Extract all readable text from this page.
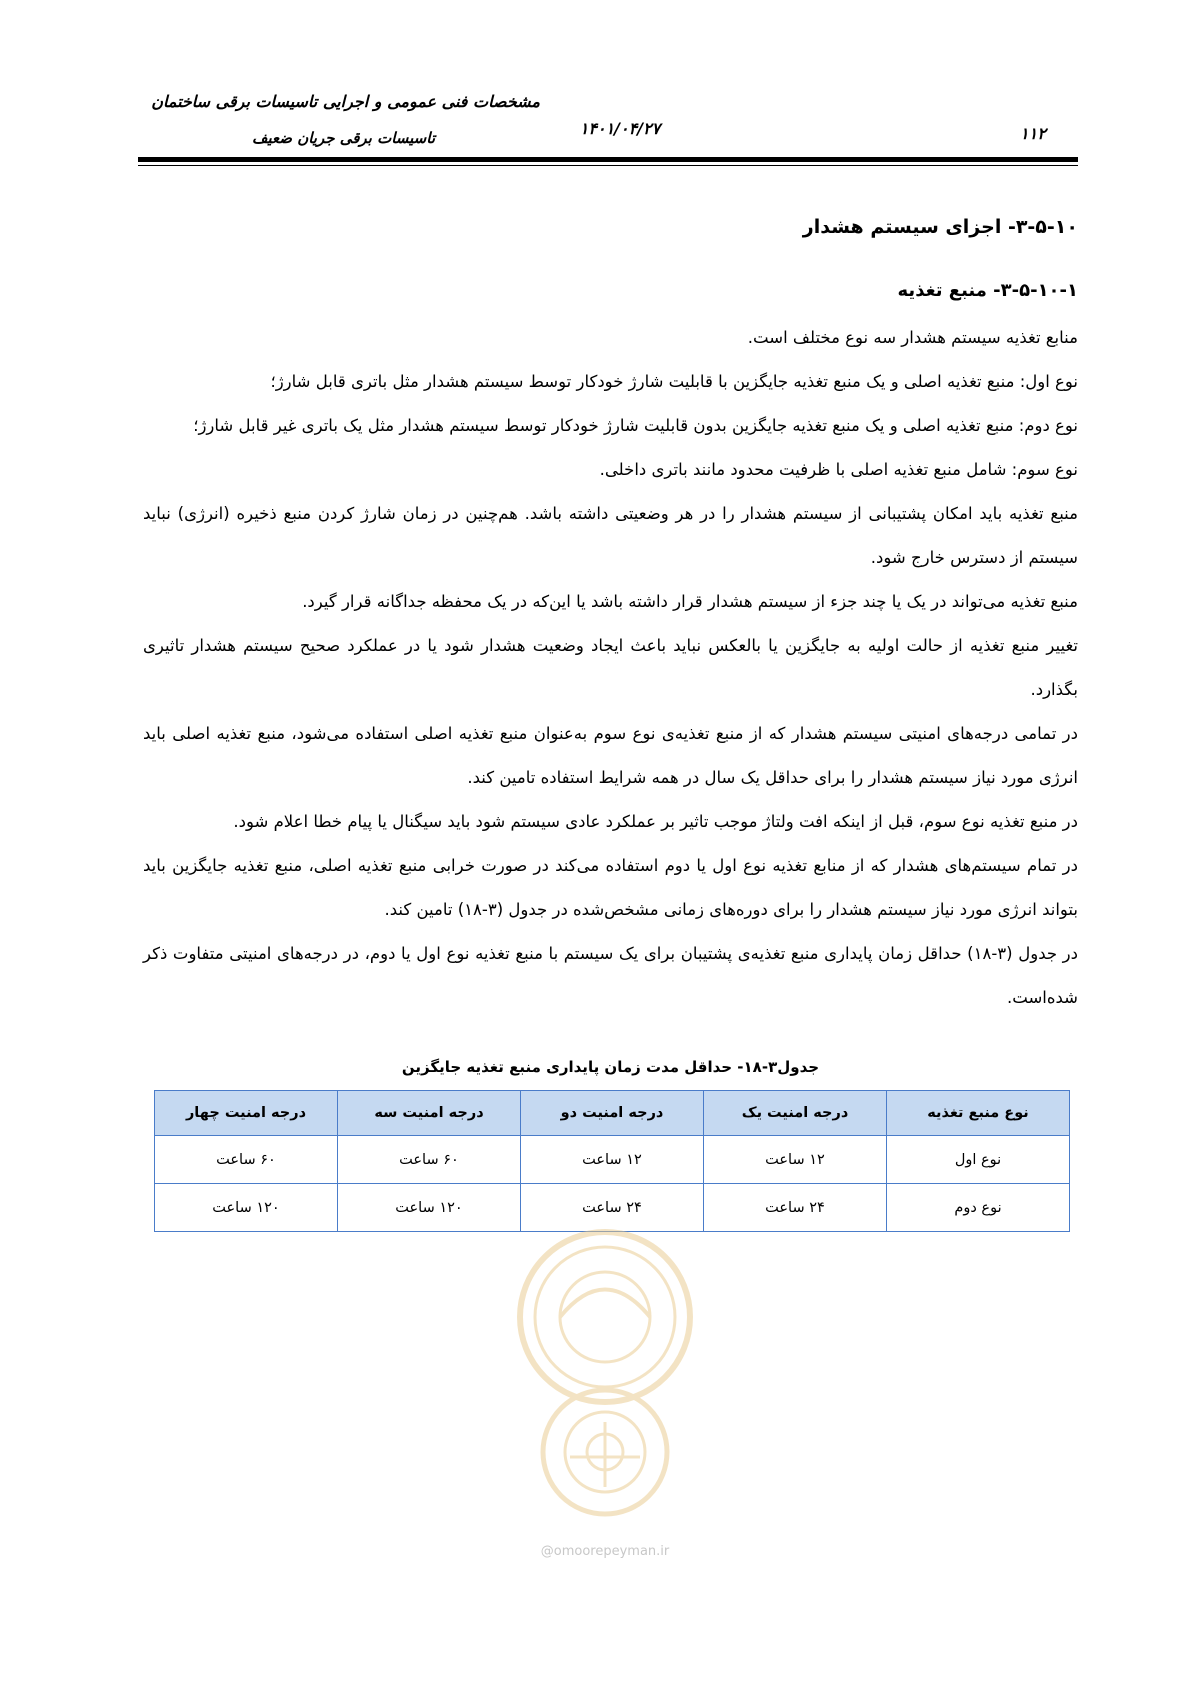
مشخصات فنی عمومی و اجرایی تاسیسات برقی ساختمان
تاسیسات برقی جریان ضعیف	۱۴۰۱/۰۴/۲۷	۱۱۲
۳-۵-۱۰- اجزای سیستم هشدار
۳-۵-۱۰-۱- منبع تغذیه

منابع تغذیه سیستم هشدار سه نوع مختلف است.

نوع اول: منبع تغذیه اصلی و یک منبع تغذیه جایگزین با قابلیت شارژ خودکار توسط سیستم هشدار مثل باتری قابل شارژ؛

نوع دوم: منبع تغذیه اصلی و یک منبع تغذیه جایگزین بدون قابلیت شارژ خودکار توسط سیستم هشدار مثل یک باتری غیر قابل شارژ؛

نوع سوم: شامل منبع تغذیه اصلی با ظرفیت محدود مانند باتری داخلی.

منبع تغذیه باید امکان پشتیبانی از سیستم هشدار را در هر وضعیتی داشته باشد. هم‌چنین در زمان شارژ کردن منبع ذخیره (انرژی) نباید سیستم از دسترس خارج شود.

منبع تغذیه می‌تواند در یک یا چند جزء از سیستم هشدار قرار داشته باشد یا این‌که در یک محفظه جداگانه قرار گیرد.

تغییر منبع تغذیه از حالت اولیه به جایگزین یا بالعکس نباید باعث ایجاد وضعیت هشدار شود یا در عملکرد صحیح سیستم هشدار تاثیری بگذارد.

در تمامی درجه‌های امنیتی سیستم هشدار که از منبع تغذیه‌ی نوع سوم به‌عنوان منبع تغذیه اصلی استفاده می‌شود، منبع تغذیه اصلی باید انرژی مورد نیاز سیستم هشدار را برای حداقل یک سال در همه شرایط استفاده تامین کند.

در منبع تغذیه نوع سوم، قبل از اینکه افت ولتاژ موجب تاثیر بر عملکرد عادی سیستم شود باید سیگنال یا پیام خطا اعلام شود.

در تمام سیستم‌های هشدار که از منابع تغذیه نوع اول یا دوم استفاده می‌کند در صورت خرابی منبع تغذیه اصلی، منبع تغذیه جایگزین باید بتواند انرژی مورد نیاز سیستم هشدار را برای دوره‌های زمانی مشخص‌شده در جدول (۳-۱۸) تامین کند.

در جدول (۳-۱۸) حداقل زمان پایداری منبع تغذیه‌ی پشتیبان برای یک سیستم با منبع تغذیه نوع اول یا دوم، در درجه‌های امنیتی متفاوت ذکر شده‌است.

جدول۳-۱۸- حداقل مدت زمان پایداری منبع تغذیه جایگزین
نوع منبع تغذیه	درجه امنیت یک	درجه امنیت دو	درجه امنیت سه	درجه امنیت چهار
نوع اول	۱۲ ساعت	۱۲ ساعت	۶۰ ساعت	۶۰ ساعت
نوع دوم	۲۴ ساعت	۲۴ ساعت	۱۲۰ ساعت	۱۲۰ ساعت
@omoorepeyman.ir
